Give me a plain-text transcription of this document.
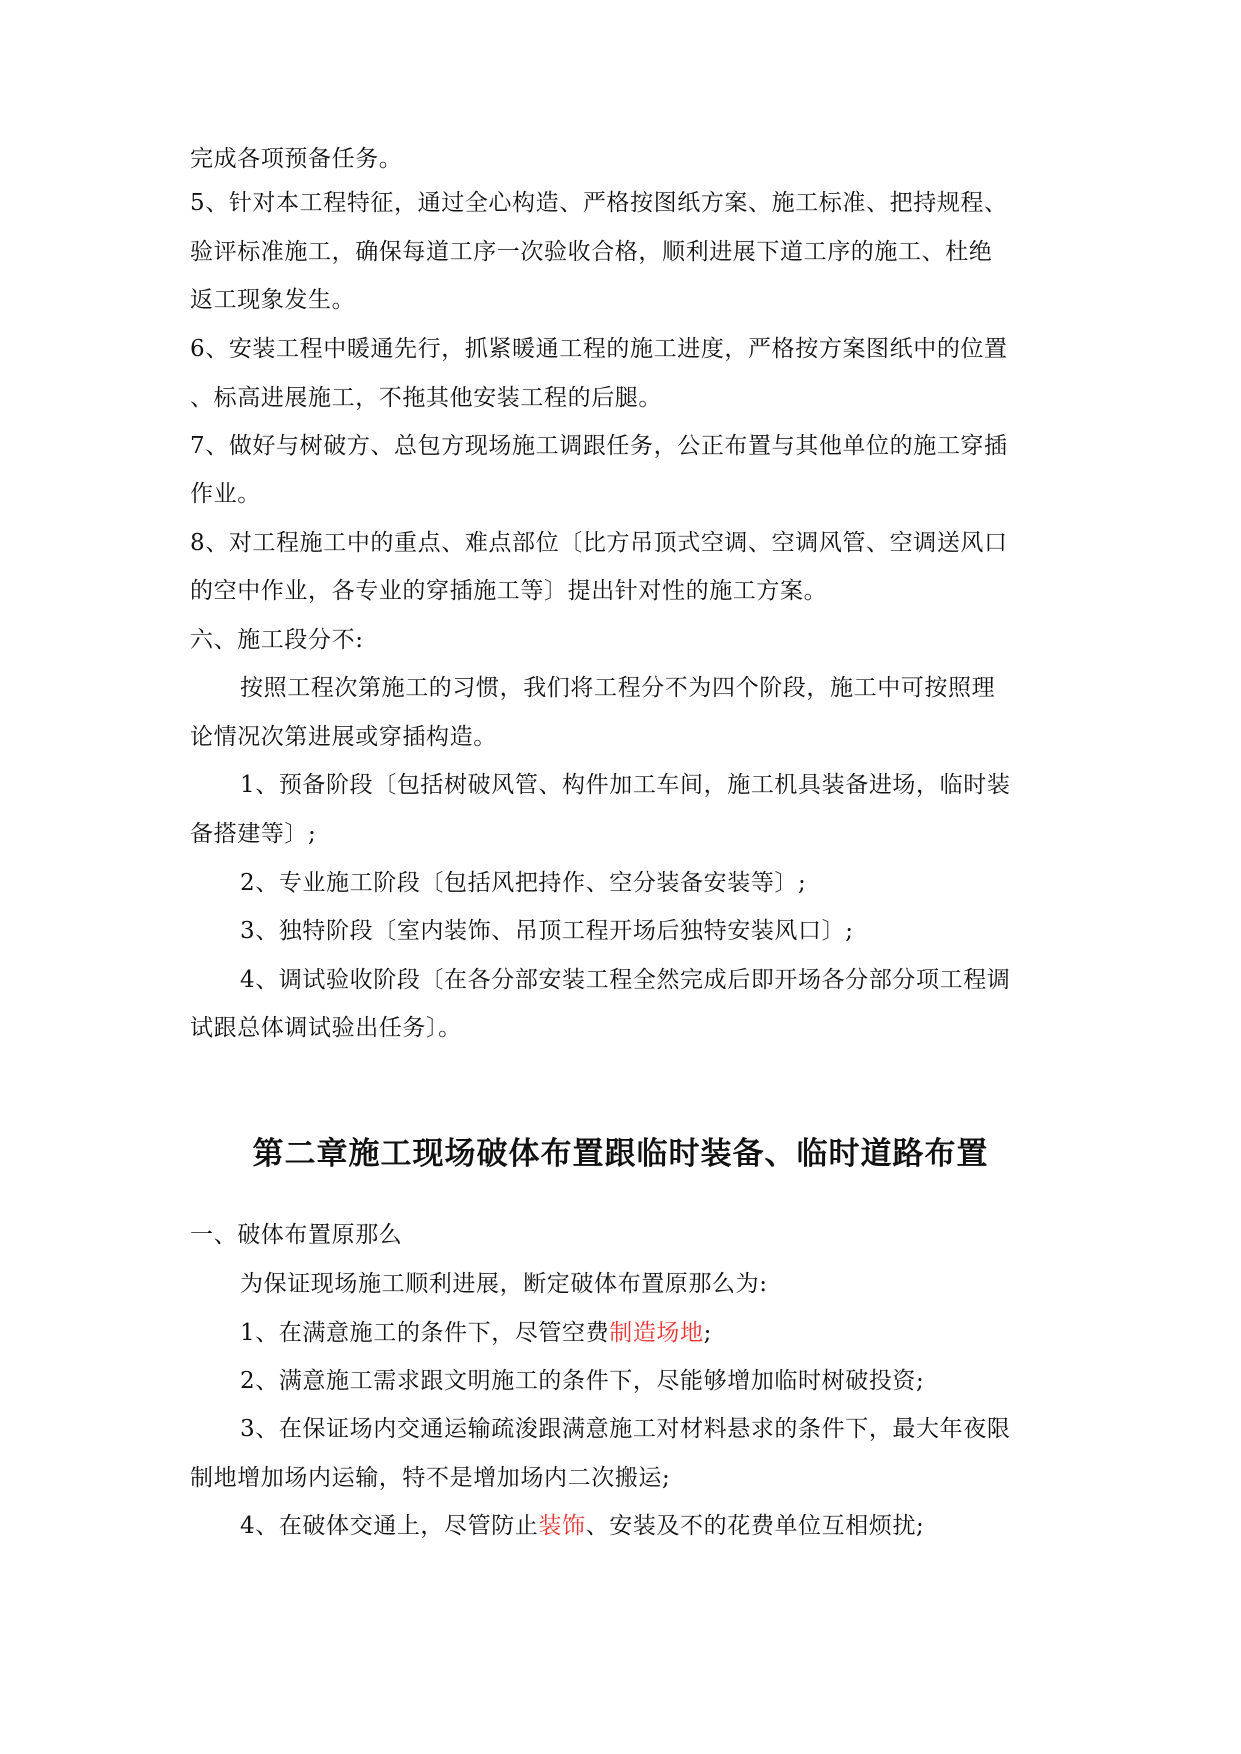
完成各项预备任务。
5、针对本工程特征，通过全心构造、严格按图纸方案、施工标准、把持规程、
验评标准施工，确保每道工序一次验收合格，顺利进展下道工序的施工、杜绝
返工现象发生。
6、安装工程中暖通先行，抓紧暖通工程的施工进度，严格按方案图纸中的位置
、标高进展施工，不拖其他安装工程的后腿。
7、做好与树破方、总包方现场施工调跟任务，公正布置与其他单位的施工穿插
作业。
8、对工程施工中的重点、难点部位〔比方吊顶式空调、空调风管、空调送风口
的空中作业，各专业的穿插施工等〕提出针对性的施工方案。
六、施工段分不:
按照工程次第施工的习惯，我们将工程分不为四个阶段，施工中可按照理
论情况次第进展或穿插构造。
1、预备阶段〔包括树破风管、构件加工车间，施工机具装备进场，临时装
备搭建等〕;
2、专业施工阶段〔包括风把持作、空分装备安装等〕;
3、独特阶段〔室内装饰、吊顶工程开场后独特安装风口〕;
4、调试验收阶段〔在各分部安装工程全然完成后即开场各分部分项工程调
试跟总体调试验出任务〕。
第二章施工现场破体布置跟临时装备、临时道路布置
一、破体布置原那么
为保证现场施工顺利进展，断定破体布置原那么为:
1、在满意施工的条件下，尽管空费制造场地;
2、满意施工需求跟文明施工的条件下，尽能够增加临时树破投资;
3、在保证场内交通运输疏浚跟满意施工对材料悬求的条件下，最大年夜限
制地增加场内运输，特不是增加场内二次搬运;
4、在破体交通上，尽管防止装饰、安装及不的花费单位互相烦扰;
